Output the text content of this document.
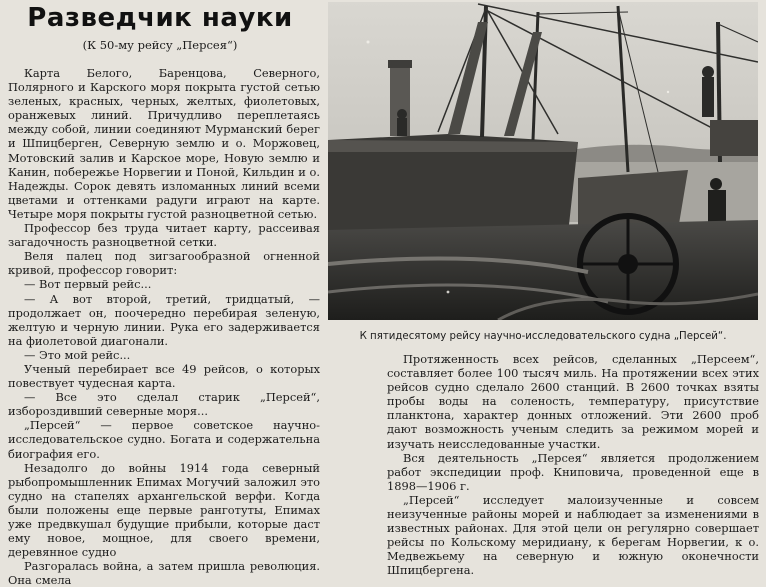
Разведчик науки
(К 50-му рейсу „Персея“)

Карта Белого, Баренцова, Северного, Полярного и Карского моря покрыта густой сетью зеленых, красных, черных, желтых, фиолетовых, оранжевых линий. Причудливо переплетаясь между собой, линии соединяют Мурманский берег и Шпицберген, Северную землю и о. Моржовец, Мотовский залив и Карское море, Новую землю и Канин, побережье Норвегии и Поной, Кильдин и о. Надежды. Сорок девять изломанных линий всеми цветами и оттенками радуги играют на карте. Четыре моря покрыты густой разноцветной сетью.

Профессор без труда читает карту, рассеивая загадочность разноцветной сетки.

Веля палец под зигзагообразной огненной кривой, профессор говорит:

— Вот первый рейс...

— А вот второй, третий, тридцатый, — продолжает он, поочередно перебирая зеленую, желтую и черную линии. Рука его задерживается на фиолетовой диагонали.

— Это мой рейс...

Ученый перебирает все 49 рейсов, о которых повествует чудесная карта.

— Все это сделал старик „Персей“, избороздивший северные моря...

„Персей“ — первое советское научно-исследовательское судно. Богата и содержательна биография его.

Незадолго до войны 1914 года северный рыбопромышленник Епимах Могучий заложил это судно на стапелях архангельской верфи. Когда были положены еще первые ранготуты, Епимах уже предвкушал будущие прибыли, которые даст ему новое, мощное, для своего времени, деревянное судно

Разгоралась война, а затем пришла революция. Она смела

К пятидесятому рейсу научно-исследовательского судна „Персей“.

Протяженность всех рейсов, сделанных „Персеем“, составляет более 100 тысяч миль. На протяжении всех этих рейсов судно сделало 2600 станций. В 2600 точках взяты пробы воды на соленость, температуру, присутствие планктона, характер донных отложений. Эти 2600 проб дают возможность ученым следить за режимом морей и изучать неисследованные участки.

Вся деятельность „Персея“ является продолжением работ экспедиции проф. Книповича, проведенной еще в 1898—1906 г.

„Персей“ исследует малоизученные и совсем неизученные районы морей и наблюдает за изменениями в известных районах. Для этой цели он регулярно совершает рейсы по Кольскому меридиану, к берегам Норвегии, к о. Медвежьему на северную и южную оконечности Шпицбергена.
